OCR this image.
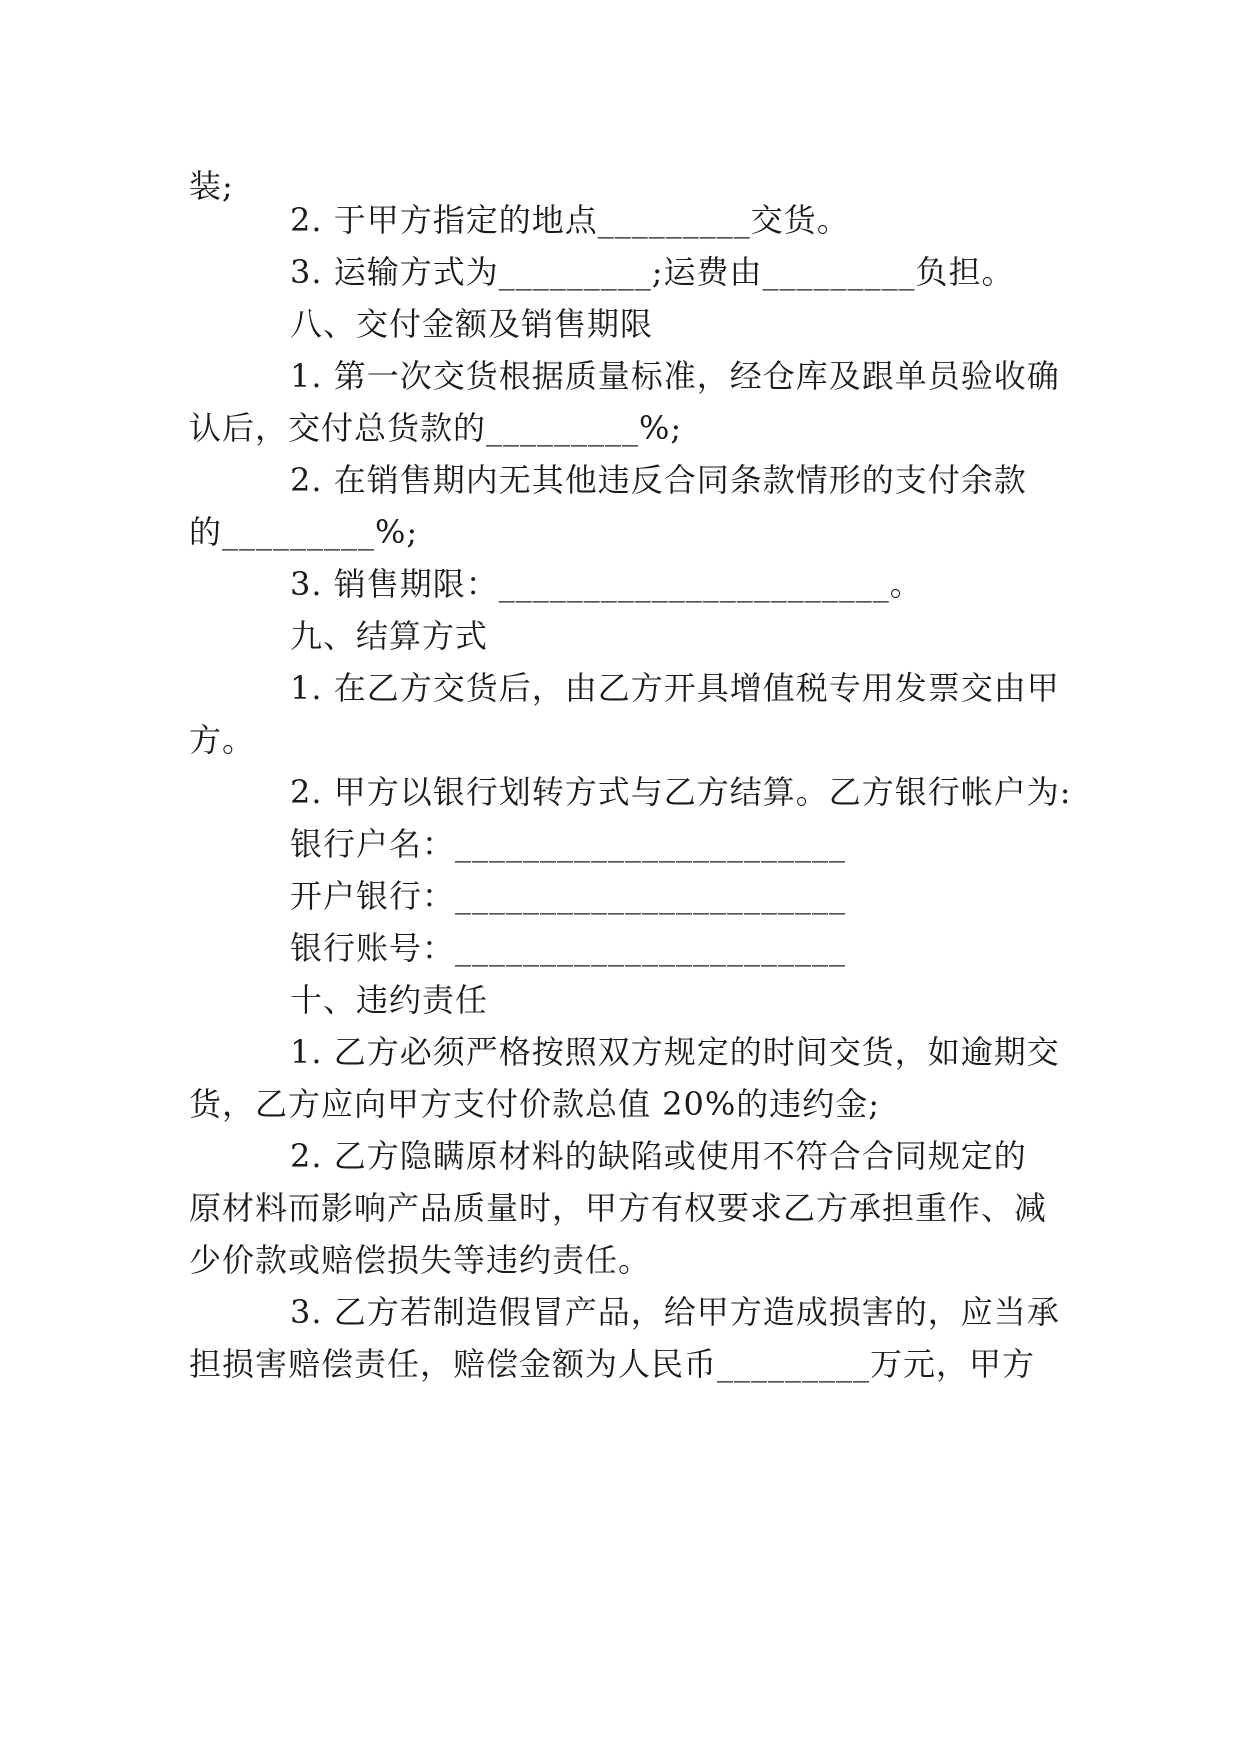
装;
2. 于甲方指定的地点_________交货。
3. 运输方式为_________;运费由_________负担。
八、交付金额及销售期限
1. 第一次交货根据质量标准，经仓库及跟单员验收确
认后，交付总货款的_________%;
2. 在销售期内无其他违反合同条款情形的支付余款
的_________%;
3. 销售期限：_______________________。
九、结算方式
1. 在乙方交货后，由乙方开具增值税专用发票交由甲
方。
2. 甲方以银行划转方式与乙方结算。乙方银行帐户为:
银行户名：_______________________
开户银行：_______________________
银行账号：_______________________
十、违约责任
1. 乙方必须严格按照双方规定的时间交货，如逾期交
货，乙方应向甲方支付价款总值 20%的违约金;
2. 乙方隐瞒原材料的缺陷或使用不符合合同规定的
原材料而影响产品质量时，甲方有权要求乙方承担重作、减
少价款或赔偿损失等违约责任。
3. 乙方若制造假冒产品，给甲方造成损害的，应当承
担损害赔偿责任，赔偿金额为人民币_________万元，甲方
